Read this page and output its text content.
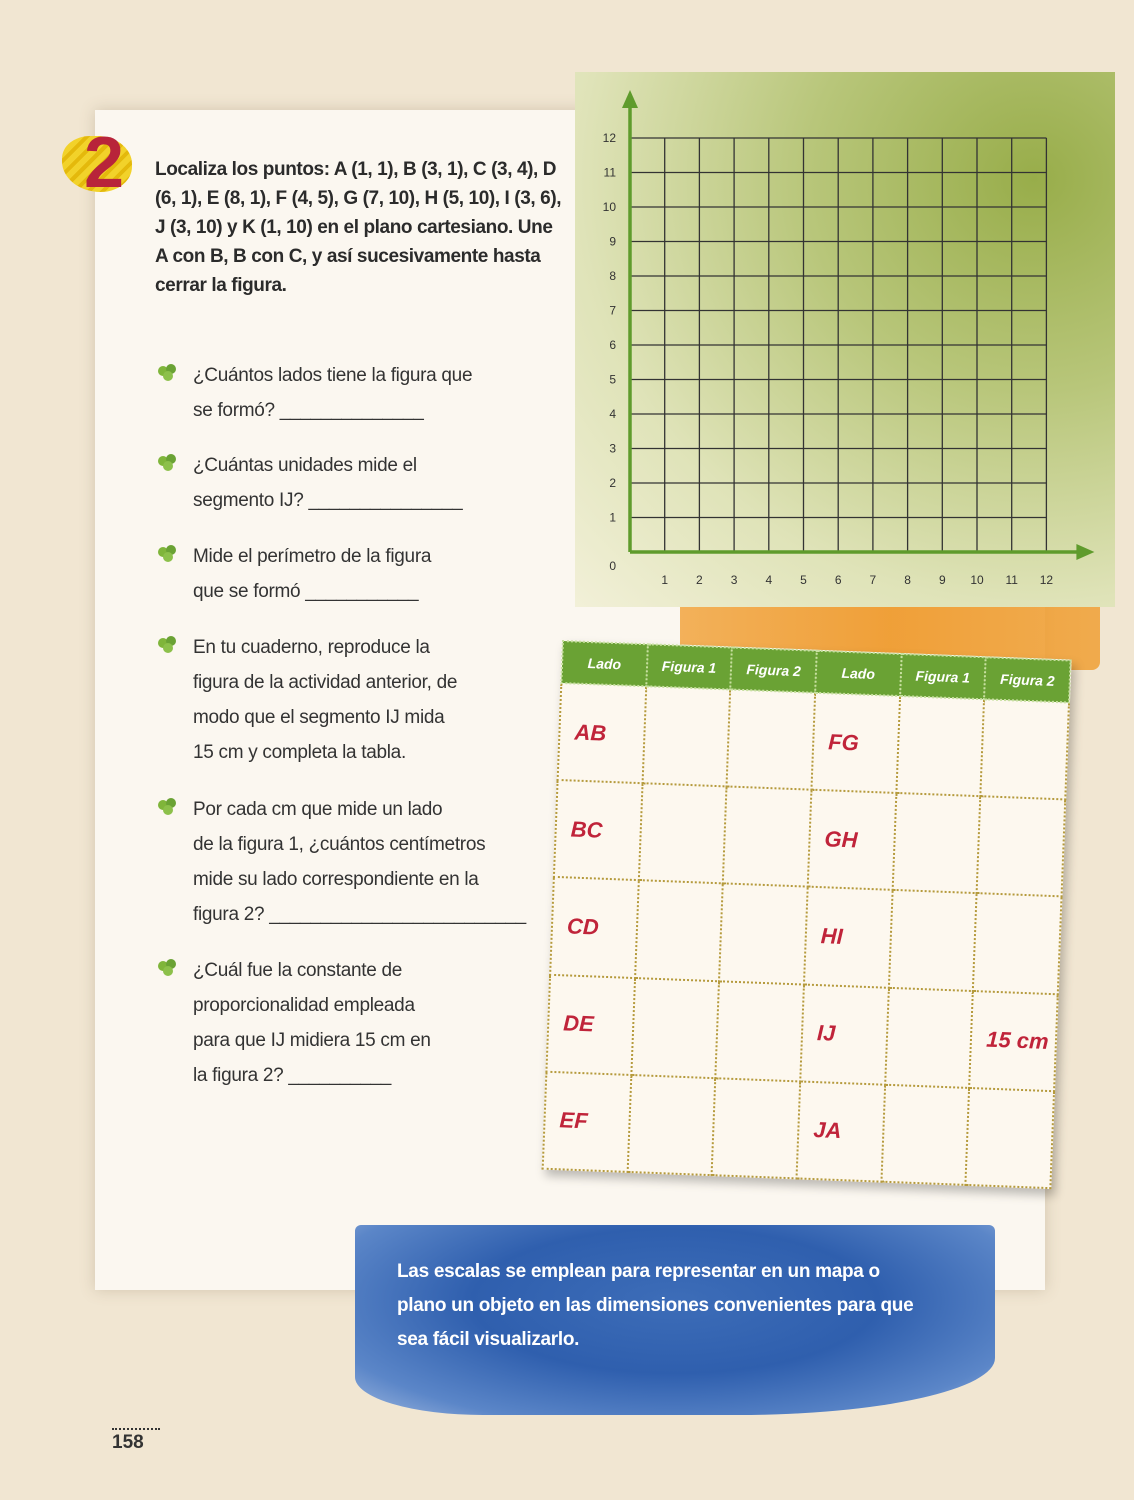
2 Localiza los puntos: A (1, 1), B (3, 1), C (3, 4), D (6, 1), E (8, 1), F (4, 5), G (7, 10), H (5, 10), I (3, 6), J (3, 10) y K (1, 10) en el plano cartesiano. Une A con B, B con C, y así sucesivamente hasta cerrar la figura.
¿Cuántos lados tiene la figura que
se formó? ______________
¿Cuántas unidades mide el
segmento IJ? _______________
Mide el perímetro de la figura
que se formó ___________
En tu cuaderno, reproduce la
figura de la actividad anterior, de
modo que el segmento IJ mida
15 cm y completa la tabla.
Por cada cm que mide un lado
de la figura 1, ¿cuántos centímetros
mide su lado correspondiente en la
figura 2? _________________________
¿Cuál fue la constante de
proporcionalidad empleada
para que IJ midiera 15 cm en
la figura 2? __________
1 2 3 4 5 6 7 8 9 10 11 12
1
2
3
4
5
6
7
8
9
10
11
12
0
Lado	Figura 1	Figura 2	Lado	Figura 1	Figura 2
AB			FG		
BC			GH		
CD			HI		
DE			IJ		15 cm
EF			JA		
Las escalas se emplean para representar en un mapa o plano un objeto en las dimensiones convenientes para que sea fácil visualizarlo.
158
